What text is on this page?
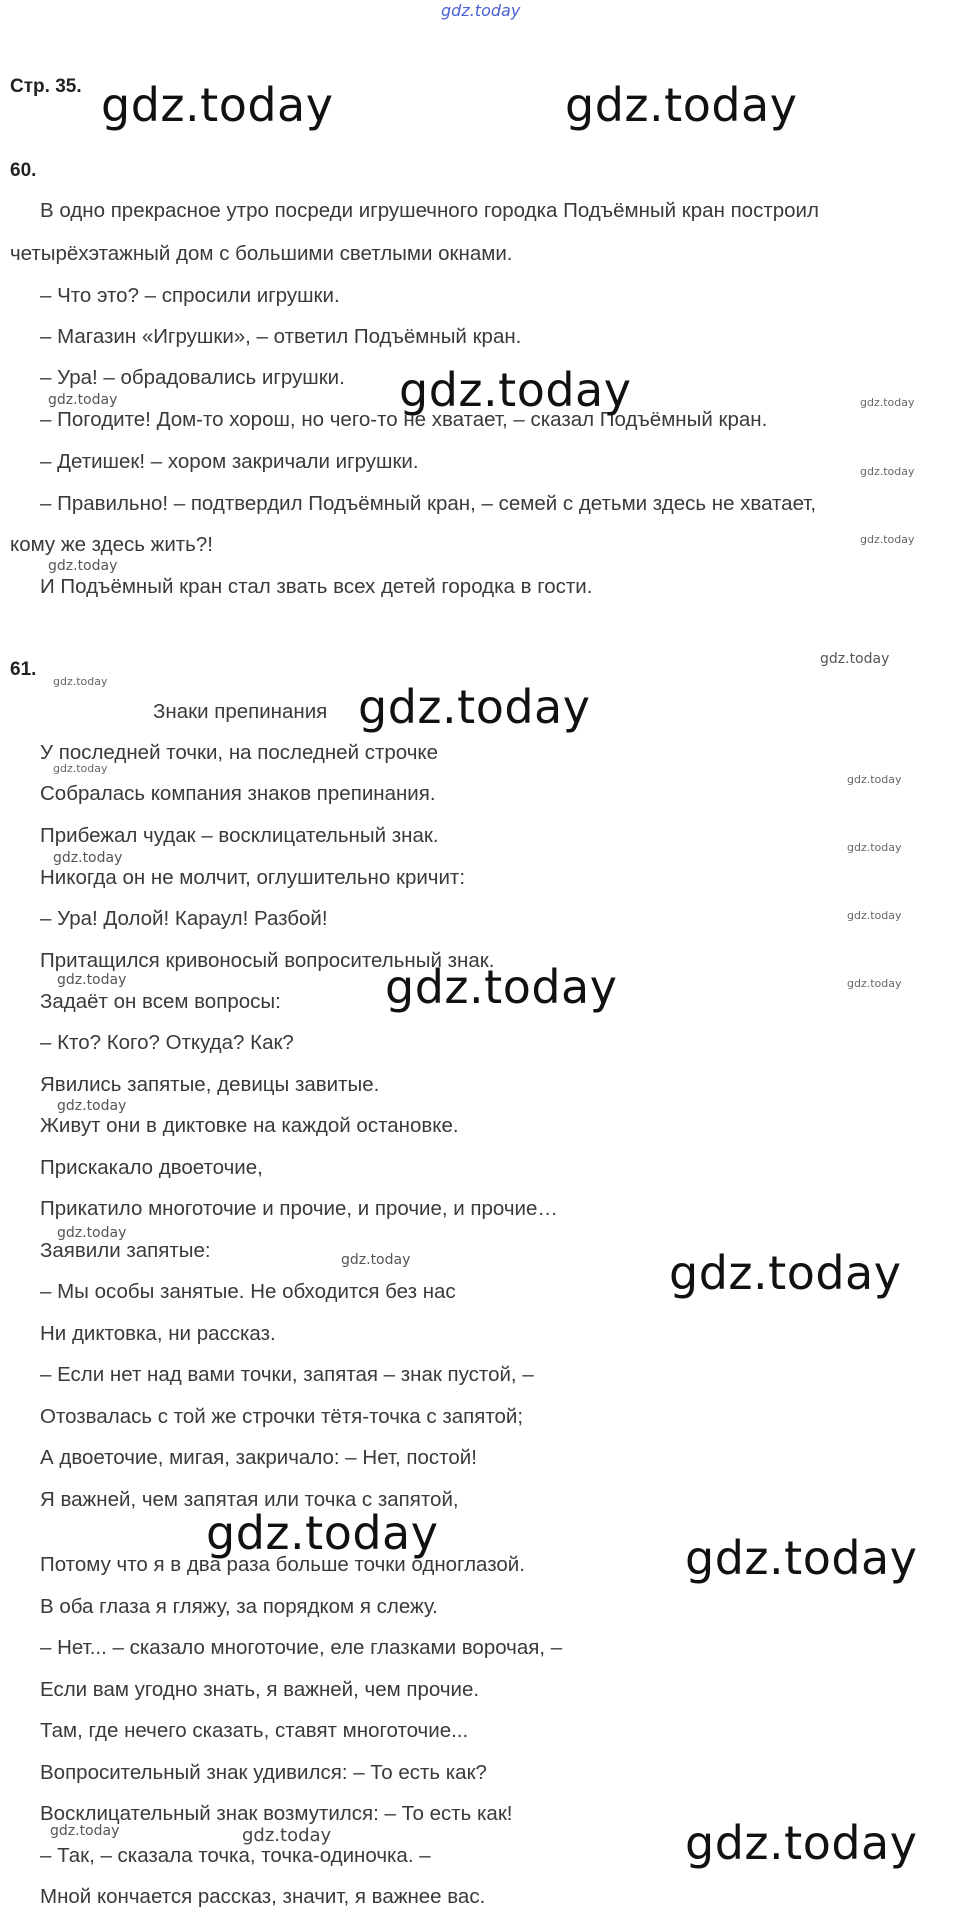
gdz.today
Стр. 35.
60.
В одно прекрасное утро посреди игрушечного городка Подъёмный кран построил
четырёхэтажный дом с большими светлыми окнами.
– Что это? – спросили игрушки.
– Магазин «Игрушки», – ответил Подъёмный кран.
– Ура! – обрадовались игрушки.
– Погодите! Дом-то хорош, но чего-то не хватает, – сказал Подъёмный кран.
– Детишек! – хором закричали игрушки.
– Правильно! – подтвердил Подъёмный кран, – семей с детьми здесь не хватает,
кому же здесь жить?!
И Подъёмный кран стал звать всех детей городка в гости.
61.
Знаки препинания
У последней точки, на последней строчке
Собралась компания знаков препинания.
Прибежал чудак – восклицательный знак.
Никогда он не молчит, оглушительно кричит:
– Ура! Долой! Караул! Разбой!
Притащился кривоносый вопросительный знак.
Задаёт он всем вопросы:
– Кто? Кого? Откуда? Как?
Явились запятые, девицы завитые.
Живут они в диктовке на каждой остановке.
Прискакало двоеточие,
Прикатило многоточие и прочие, и прочие, и прочие…
Заявили запятые:
– Мы особы занятые. Не обходится без нас
Ни диктовка, ни рассказ.
– Если нет над вами точки, запятая – знак пустой, –
Отозвалась с той же строчки тётя-точка с запятой;
А двоеточие, мигая, закричало: – Нет, постой!
Я важней, чем запятая или точка с запятой,
Потому что я в два раза больше точки одноглазой.
В оба глаза я гляжу, за порядком я слежу.
– Нет... – сказало многоточие, еле глазками ворочая, –
Если вам угодно знать, я важней, чем прочие.
Там, где нечего сказать, ставят многоточие...
Вопросительный знак удивился: – То есть как?
Восклицательный знак возмутился: – То есть как!
– Так, – сказала точка, точка-одиночка. –
Мной кончается рассказ, значит, я важнее вас.
gdz.today	gdz.today
gdz.today
gdz.today
gdz.today
gdz.today
gdz.today	gdz.today
gdz.today
gdz.today
gdz.today
gdz.today
gdz.today
gdz.today
gdz.today
gdz.today
gdz.today
gdz.today
gdz.today	gdz.today
gdz.today
gdz.today
gdz.today
gdz.today
gdz.today
gdz.today
gdz.today
gdz.today
